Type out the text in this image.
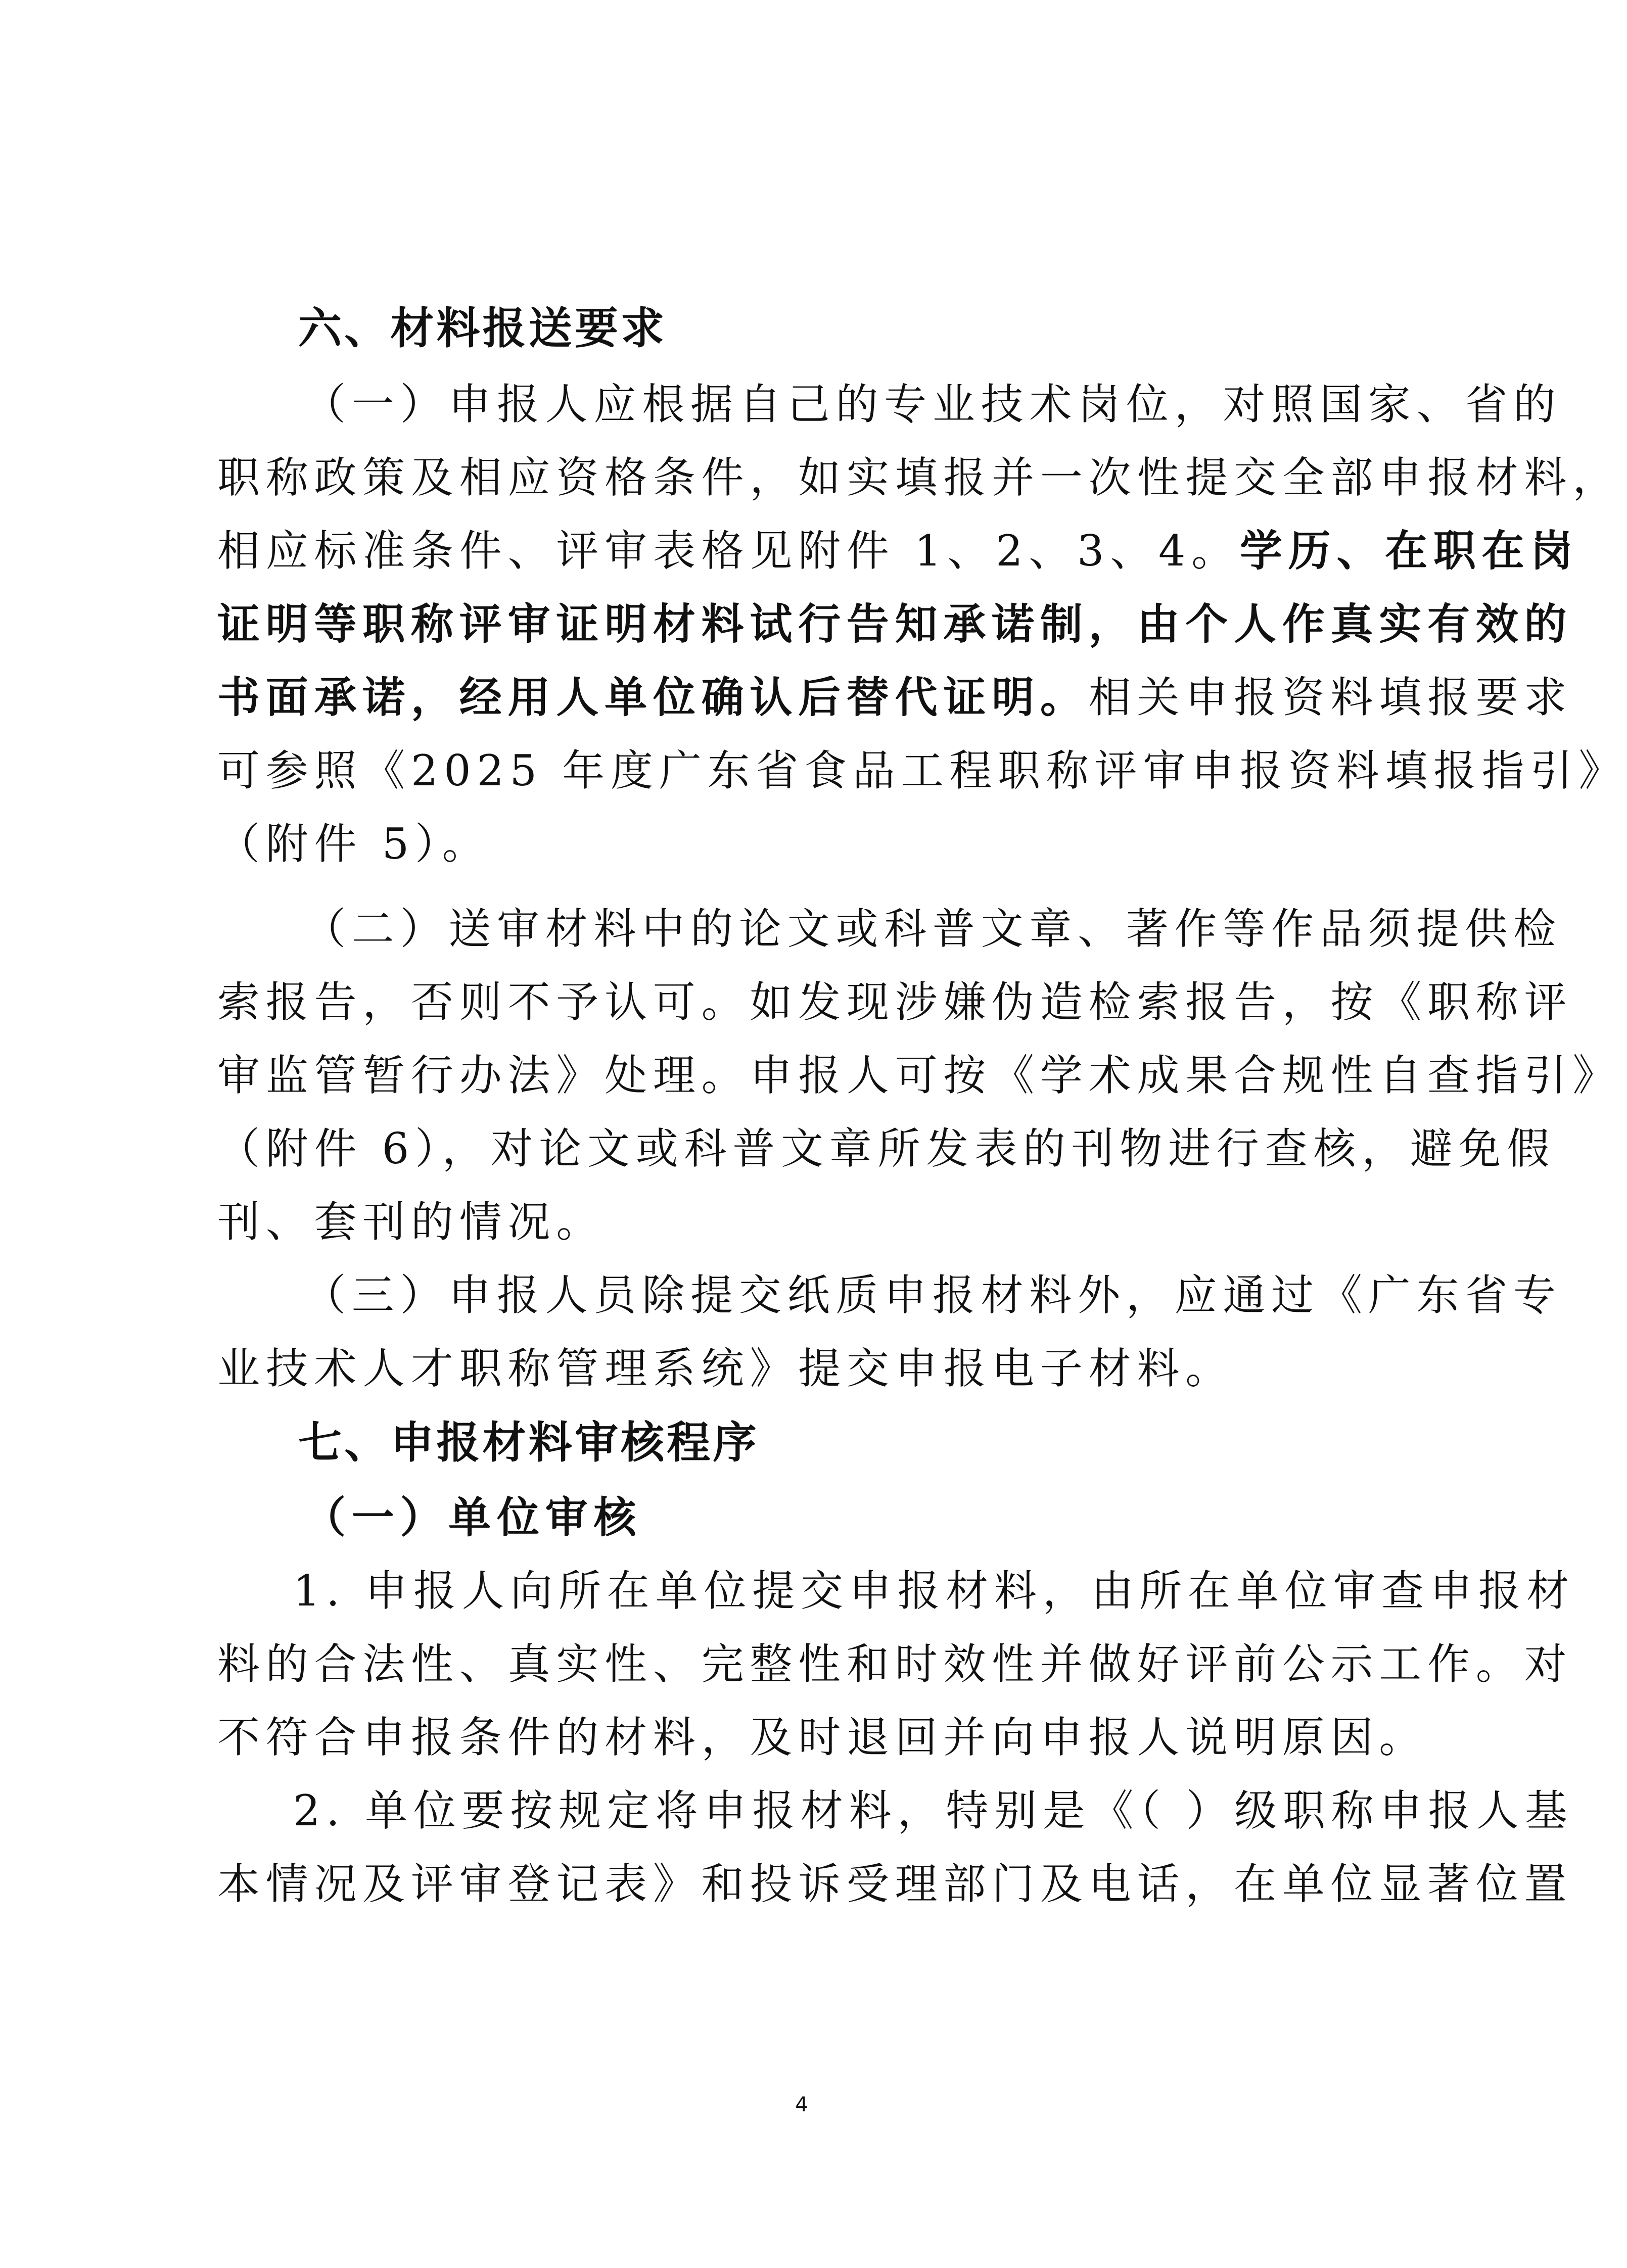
六、材料报送要求
（一）申报人应根据自己的专业技术岗位，对照国家、省的
职称政策及相应资格条件，如实填报并一次性提交全部申报材料，
相应标准条件、评审表格见附件 1、2、3、4。学历、在职在岗
证明等职称评审证明材料试行告知承诺制，由个人作真实有效的
书面承诺，经用人单位确认后替代证明。相关申报资料填报要求
可参照《2025 年度广东省食品工程职称评审申报资料填报指引》
（附件 5）。
（二）送审材料中的论文或科普文章、著作等作品须提供检
索报告，否则不予认可。如发现涉嫌伪造检索报告，按《职称评
审监管暂行办法》处理。申报人可按《学术成果合规性自查指引》
（附件 6），对论文或科普文章所发表的刊物进行查核，避免假
刊、套刊的情况。
（三）申报人员除提交纸质申报材料外，应通过《广东省专
业技术人才职称管理系统》提交申报电子材料。
七、申报材料审核程序
（一）单位审核
1. 申报人向所在单位提交申报材料，由所在单位审查申报材
料的合法性、真实性、完整性和时效性并做好评前公示工作。对
不符合申报条件的材料，及时退回并向申报人说明原因。
2. 单位要按规定将申报材料，特别是《（ ）级职称申报人基
本情况及评审登记表》和投诉受理部门及电话，在单位显著位置
4
